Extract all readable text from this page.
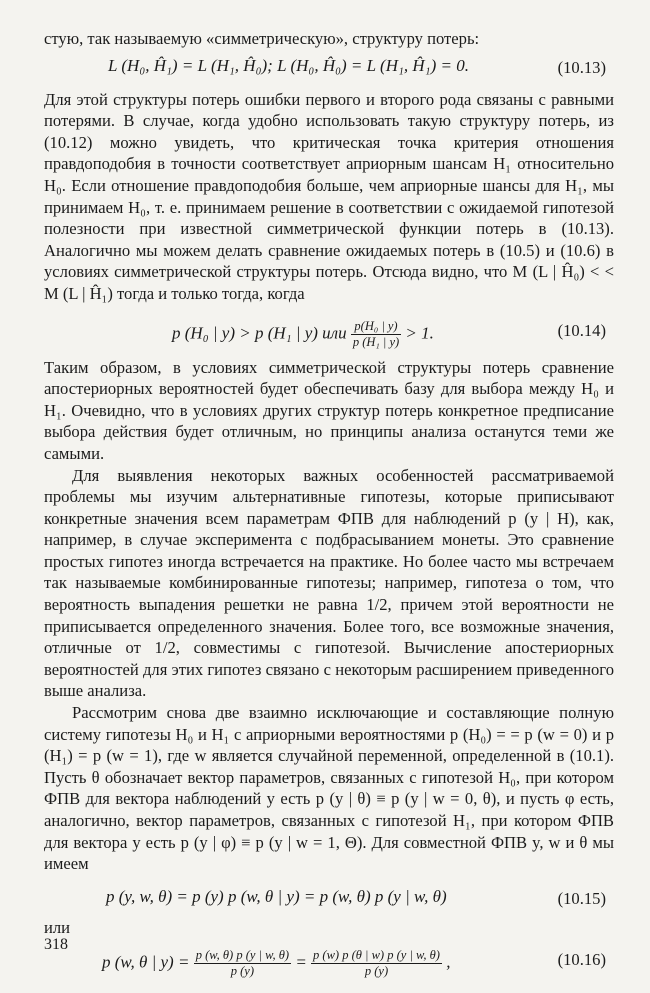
стую, так называемую «симметрическую», структуру потерь:

L (H₀, Ĥ₁) = L (H₁, Ĥ₀); L (H₀, Ĥ₀) = L (H₁, Ĥ₁) = 0.	(10.13)

Для этой структуры потерь ошибки первого и второго рода связаны с равными потерями. В случае, когда удобно использовать такую структуру потерь, из (10.12) можно увидеть, что критическая точка критерия отношения правдоподобия в точности соответствует априорным шансам H₁ относительно H₀. Если отношение правдоподобия больше, чем априорные шансы для H₁, мы принимаем H₀, т. е. принимаем решение в соответствии с ожидаемой гипотезой полезности при известной симметрической функции потерь в (10.13). Аналогично мы можем делать сравнение ожидаемых потерь в (10.5) и (10.6) в условиях симметрической структуры потерь. Отсюда видно, что M (L | Ĥ₀) < < M (L | Ĥ₁) тогда и только тогда, когда

p (H₀ | y) > p (H₁ | y) или $\frac{\text{p(H₀ | y)}}{\text{p (H₁ | y)}} > 1$.	(10.14)

Таким образом, в условиях симметрической структуры потерь сравнение апостериорных вероятностей будет обеспечивать базу для выбора между H₀ и H₁. Очевидно, что в условиях других структур потерь конкретное предписание выбора действия будет отличным, но принципы анализа останутся теми же самыми.

Для выявления некоторых важных особенностей рассматриваемой проблемы мы изучим альтернативные гипотезы, которые приписывают конкретные значения всем параметрам ФПВ для наблюдений p (y | H), как, например, в случае эксперимента с подбрасыванием монеты. Это сравнение простых гипотез иногда встречается на практике. Но более часто мы встречаем так называемые комбинированные гипотезы; например, гипотеза о том, что вероятность выпадения решетки не равна 1/2, причем этой вероятности не приписывается определенного значения. Более того, все возможные значения, отличные от 1/2, совместимы с гипотезой. Вычисление апостериорных вероятностей для этих гипотез связано с некоторым расширением приведенного выше анализа.

Рассмотрим снова две взаимно исключающие и составляющие полную систему гипотезы H₀ и H₁ с априорными вероятностями p (H₀) = = p (w = 0) и p (H₁) = p (w = 1), где w является случайной переменной, определенной в (10.1). Пусть θ обозначает вектор параметров, связанных с гипотезой H₀, при котором ФПВ для вектора наблюдений y есть p (y | θ) ≡ p (y | w = 0, θ), и пусть φ есть, аналогично, вектор параметров, связанных с гипотезой H₁, при котором ФПВ для вектора y есть p (y | φ) ≡ p (y | w = 1, Θ). Для совместной ФПВ y, w и θ мы имеем

p (y, w, θ) = p (y) p (w, θ | y) = p (w, θ) p (y | w, θ)	(10.15)

или

p (w, θ | $y) = \frac{p (w, \theta) p (y | w, \theta)}{p (y)} = \frac{p (w) p (\theta | w) p (y | w, \theta)}{p (y)}$ ,	(10.16)
318
